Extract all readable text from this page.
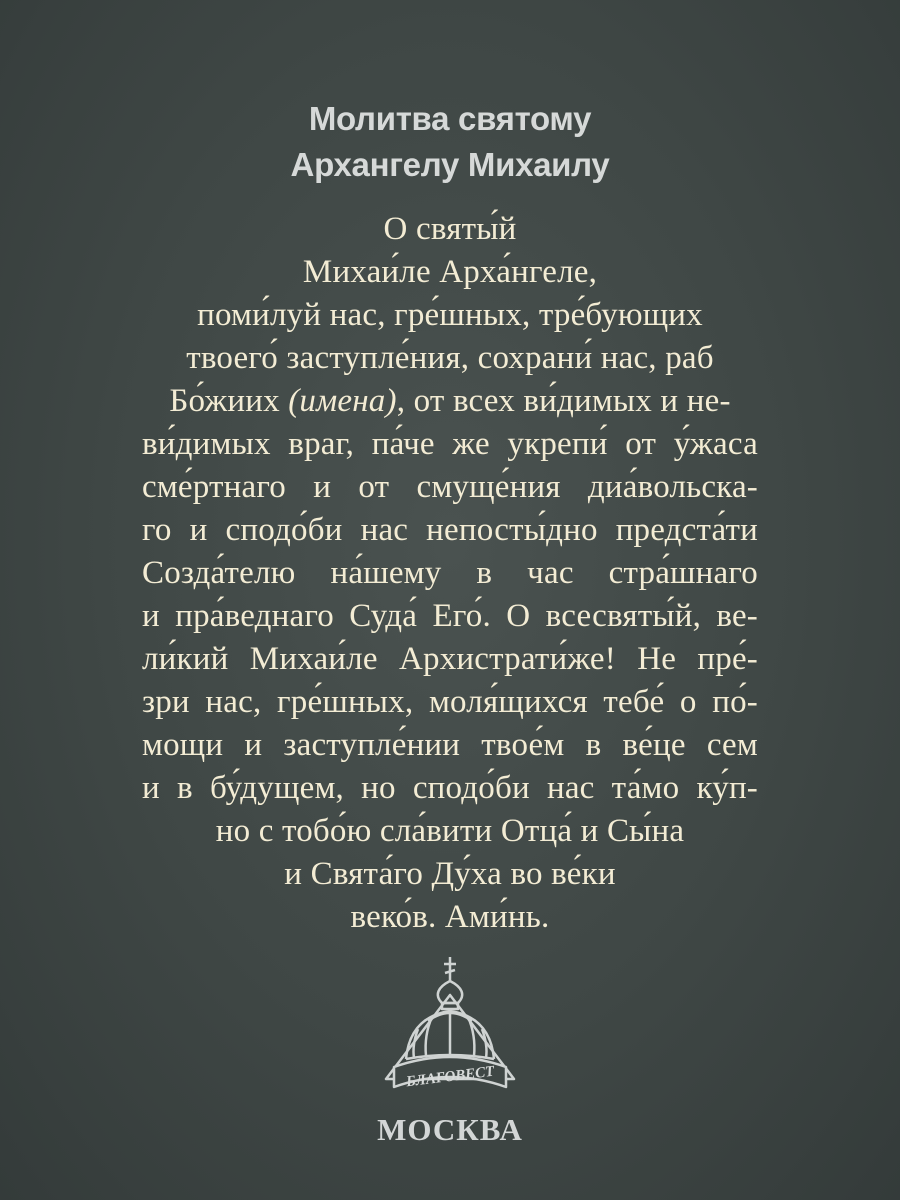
Молитва святому
Архангелу Михаилу
О святы́й
Михаи́ле Арха́нгеле,
поми́луй нас, гре́шных, тре́бующих
твоего́ заступле́ния, сохрани́ нас, раб
Бо́жиих (имена), от всех ви́димых и не-
ви́димых враг, па́че же укрепи́ от у́жаса
сме́ртнаго и от смуще́ния диа́вольска-
го и сподо́би нас непосты́дно предста́ти
Созда́телю на́шему в час стра́шнаго
и пра́веднаго Суда́ Его́. О всесвяты́й, ве-
ли́кий Михаи́ле Архистрати́же! Не пре́-
зри нас, гре́шных, моля́щихся тебе́ о по́-
мощи и заступле́нии твое́м в ве́це сем
и в бу́дущем, но сподо́би нас та́мо ку́п-
но с тобо́ю сла́вити Отца́ и Сы́на
и Свята́го Ду́ха во ве́ки
веко́в. Ами́нь.
БЛАГОВЕСТ
МОСКВА
